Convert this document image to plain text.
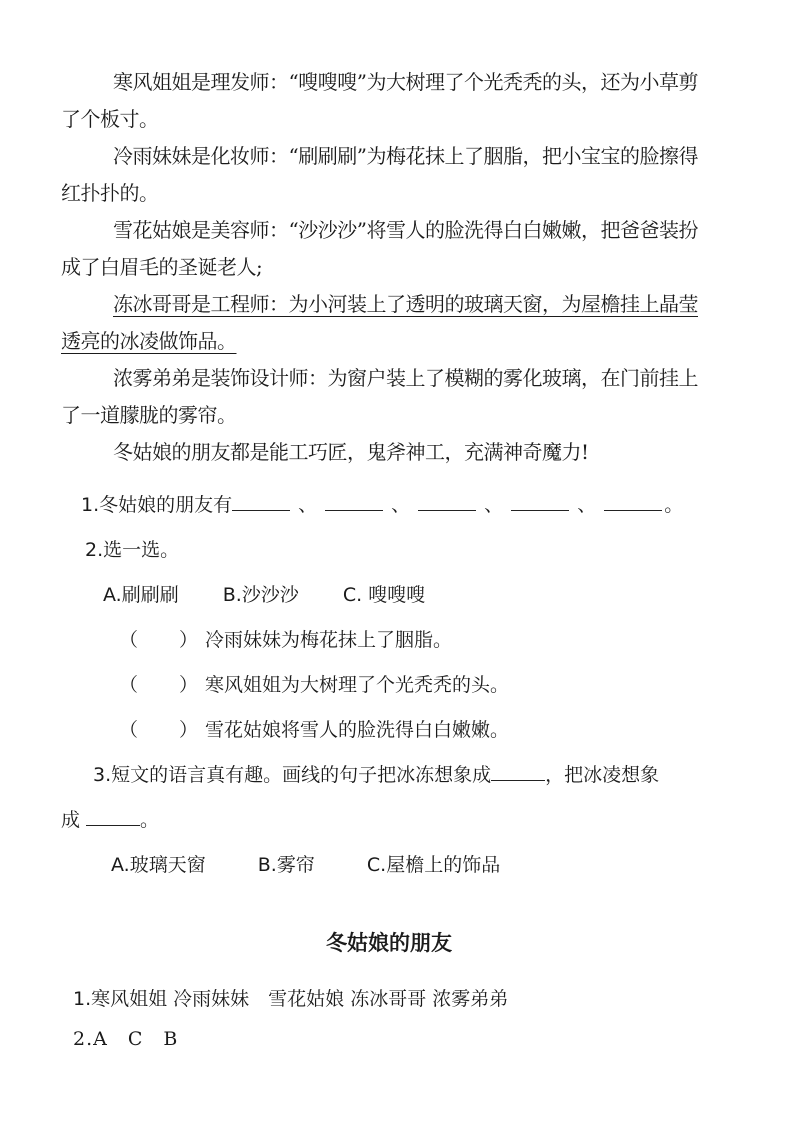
寒风姐姐是理发师：“嗖嗖嗖”为大树理了个光秃秃的头，还为小草剪了个板寸。

冷雨妹妹是化妆师：“刷刷刷”为梅花抹上了胭脂，把小宝宝的脸擦得红扑扑的。

雪花姑娘是美容师：“沙沙沙”将雪人的脸洗得白白嫩嫩，把爸爸装扮成了白眉毛的圣诞老人;

冻冰哥哥是工程师：为小河装上了透明的玻璃天窗，为屋檐挂上晶莹透亮的冰凌做饰品。

浓雾弟弟是装饰设计师：为窗户装上了模糊的雾化玻璃，在门前挂上了一道朦胧的雾帘。

冬姑娘的朋友都是能工巧匠，鬼斧神工，充满神奇魔力!

1.冬姑娘的朋友有	、	、	、	、	。
2.选一选。
A.刷刷刷 B.沙沙沙 C. 嗖嗖嗖
（　　） 冷雨妹妹为梅花抹上了胭脂。
（　　） 寒风姐姐为大树理了个光秃秃的头。
（　　） 雪花姑娘将雪人的脸洗得白白嫩嫩。
3.短文的语言真有趣。画线的句子把冰冻想象成	，把冰凌想象
成	。
A.玻璃天窗	B.雾帘	C.屋檐上的饰品
冬姑娘的朋友
1.寒风姐姐 冷雨妹妹　雪花姑娘 冻冰哥哥 浓雾弟弟
2.A　C　B
